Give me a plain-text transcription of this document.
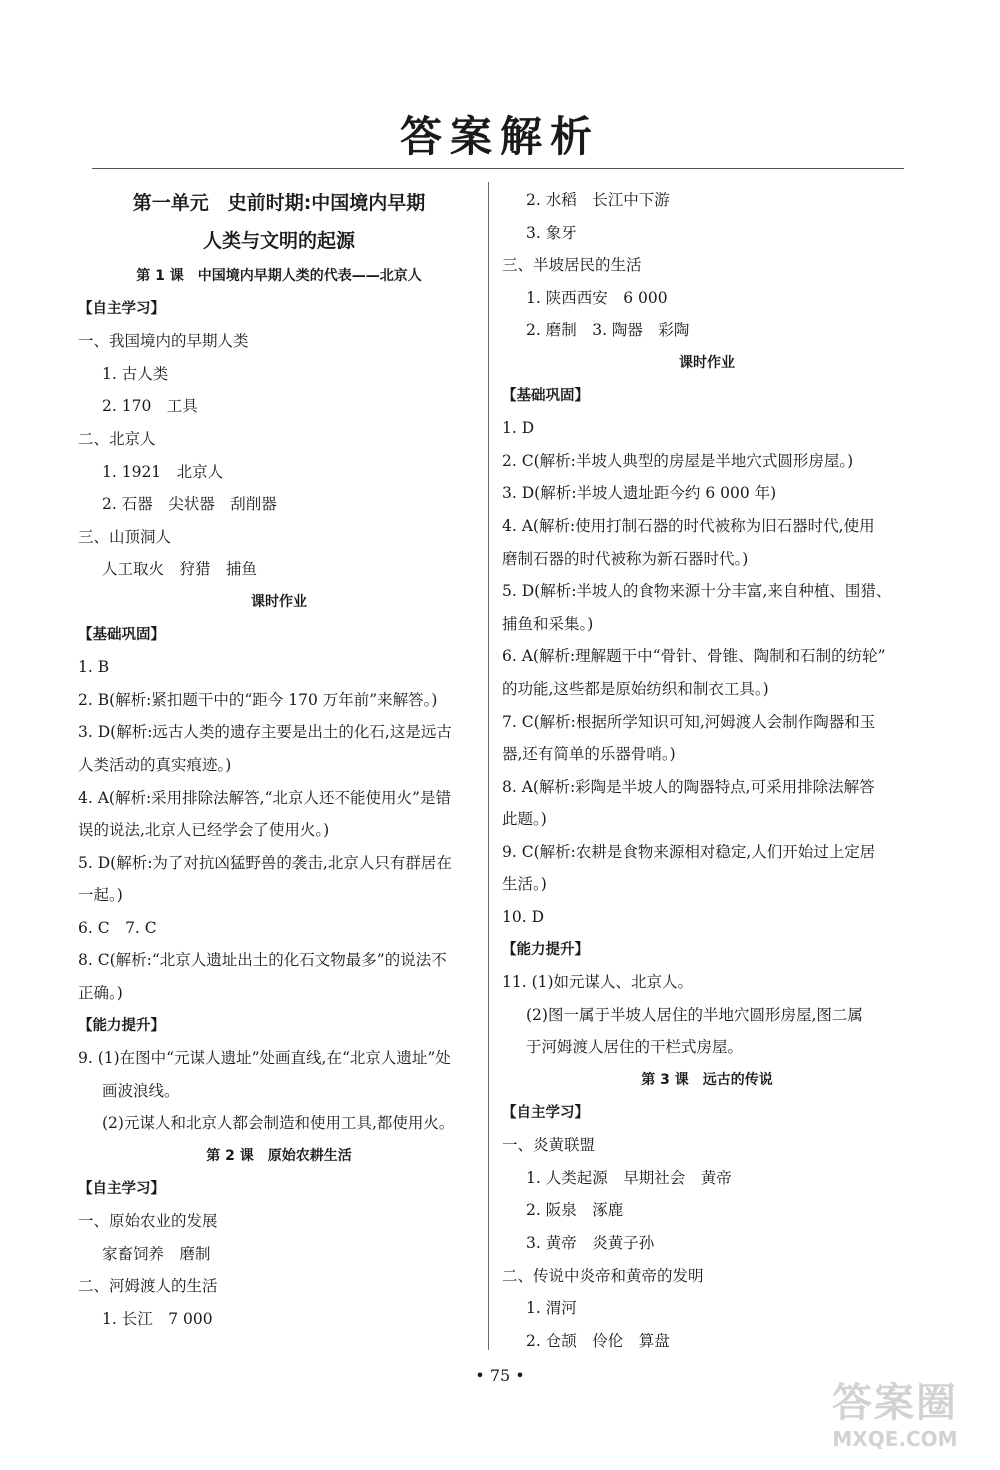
答案解析
第一单元　史前时期:中国境内早期
人类与文明的起源
第 1 课　中国境内早期人类的代表——北京人
【自主学习】
一、我国境内的早期人类
1. 古人类
2. 170　工具
二、北京人
1. 1921　北京人
2. 石器　尖状器　刮削器
三、山顶洞人
人工取火　狩猎　捕鱼
课时作业
【基础巩固】
1. B
2. B(解析:紧扣题干中的“距今 170 万年前”来解答。)
3. D(解析:远古人类的遗存主要是出土的化石,这是远古
人类活动的真实痕迹。)
4. A(解析:采用排除法解答,“北京人还不能使用火”是错
误的说法,北京人已经学会了使用火。)
5. D(解析:为了对抗凶猛野兽的袭击,北京人只有群居在
一起。)
6. C　7. C
8. C(解析:“北京人遗址出土的化石文物最多”的说法不
正确。)
【能力提升】
9. (1)在图中“元谋人遗址”处画直线,在“北京人遗址”处
画波浪线。
(2)元谋人和北京人都会制造和使用工具,都使用火。
第 2 课　原始农耕生活
【自主学习】
一、原始农业的发展
家畜饲养　磨制
二、河姆渡人的生活
1. 长江　7 000
2. 水稻　长江中下游
3. 象牙
三、半坡居民的生活
1. 陕西西安　6 000
2. 磨制　3. 陶器　彩陶
课时作业
【基础巩固】
1. D
2. C(解析:半坡人典型的房屋是半地穴式圆形房屋。)
3. D(解析:半坡人遗址距今约 6 000 年)
4. A(解析:使用打制石器的时代被称为旧石器时代,使用
磨制石器的时代被称为新石器时代。)
5. D(解析:半坡人的食物来源十分丰富,来自种植、围猎、
捕鱼和采集。)
6. A(解析:理解题干中“骨针、骨锥、陶制和石制的纺轮”
的功能,这些都是原始纺织和制衣工具。)
7. C(解析:根据所学知识可知,河姆渡人会制作陶器和玉
器,还有简单的乐器骨哨。)
8. A(解析:彩陶是半坡人的陶器特点,可采用排除法解答
此题。)
9. C(解析:农耕是食物来源相对稳定,人们开始过上定居
生活。)
10. D
【能力提升】
11. (1)如元谋人、北京人。
(2)图一属于半坡人居住的半地穴圆形房屋,图二属
于河姆渡人居住的干栏式房屋。
第 3 课　远古的传说
【自主学习】
一、炎黄联盟
1. 人类起源　早期社会　黄帝
2. 阪泉　涿鹿
3. 黄帝　炎黄子孙
二、传说中炎帝和黄帝的发明
1. 渭河
2. 仓颉　伶伦　算盘
• 75 •
答案圈
MXQE.COM
